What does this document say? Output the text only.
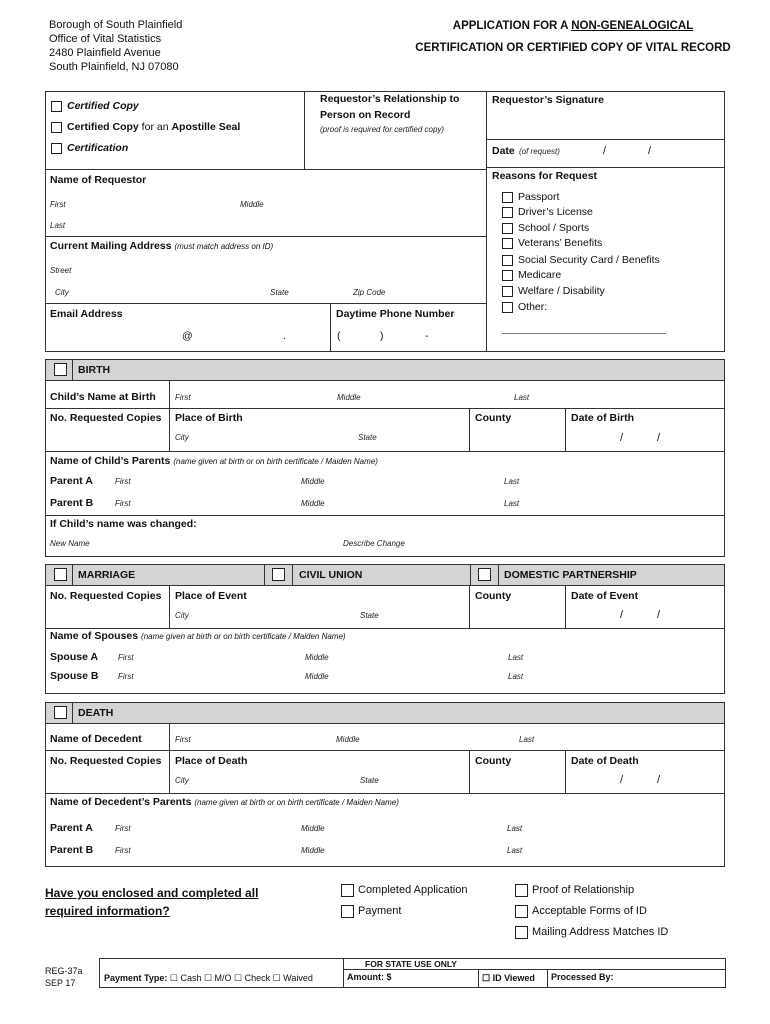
Borough of South Plainfield
Office of Vital Statistics
2480 Plainfield Avenue
South Plainfield, NJ 07080
APPLICATION FOR A NON-GENEALOGICAL
CERTIFICATION OR CERTIFIED COPY OF VITAL RECORD
Certified Copy
Certified Copy for an Apostille Seal
Certification
Requestor’s Relationship to
Person on Record
(proof is required for certified copy)
Requestor’s Signature
Date (of request)	/	/
Name of Requestor
First	Middle
Last
Current Mailing Address (must match address on ID)
Street
City	State	Zip Code
Email Address
@	.
Daytime Phone Number
(	)	-
Reasons for Request
Passport
Driver’s License
School / Sports
Veterans’ Benefits
Social Security Card / Benefits
Medicare
Welfare / Disability
Other:
BIRTH
Child’s Name at Birth First	Middle	Last
No. Requested Copies Place of Birth	County	Date of Birth
City	State	/	/
Name of Child’s Parents (name given at birth or on birth certificate / Maiden Name)
Parent A	First	Middle	Last
Parent B	First	Middle	Last
If Child’s name was changed:
New Name	Describe Change
MARRIAGE	CIVIL UNION	DOMESTIC PARTNERSHIP
No. Requested Copies Place of Event	County	Date of Event
City	State	/	/
Name of Spouses (name given at birth or on birth certificate / Maiden Name)
Spouse A First	Middle	Last
Spouse B First	Middle	Last
DEATH
Name of Decedent	First	Middle	Last
No. Requested Copies Place of Death	County	Date of Death
City	State	/	/
Name of Decedent’s Parents (name given at birth or on birth certificate / Maiden Name)
Parent A	First	Middle	Last
Parent B	First	Middle	Last
Have you enclosed and completed all
required information?
Completed Application
Payment
Proof of Relationship
Acceptable Forms of ID
Mailing Address Matches ID
REG-37a
SEP 17
FOR STATE USE ONLY
Payment Type: ☐ Cash ☐ M/O ☐ Check ☐ Waived	Amount: $	☐ ID Viewed Processed By:
